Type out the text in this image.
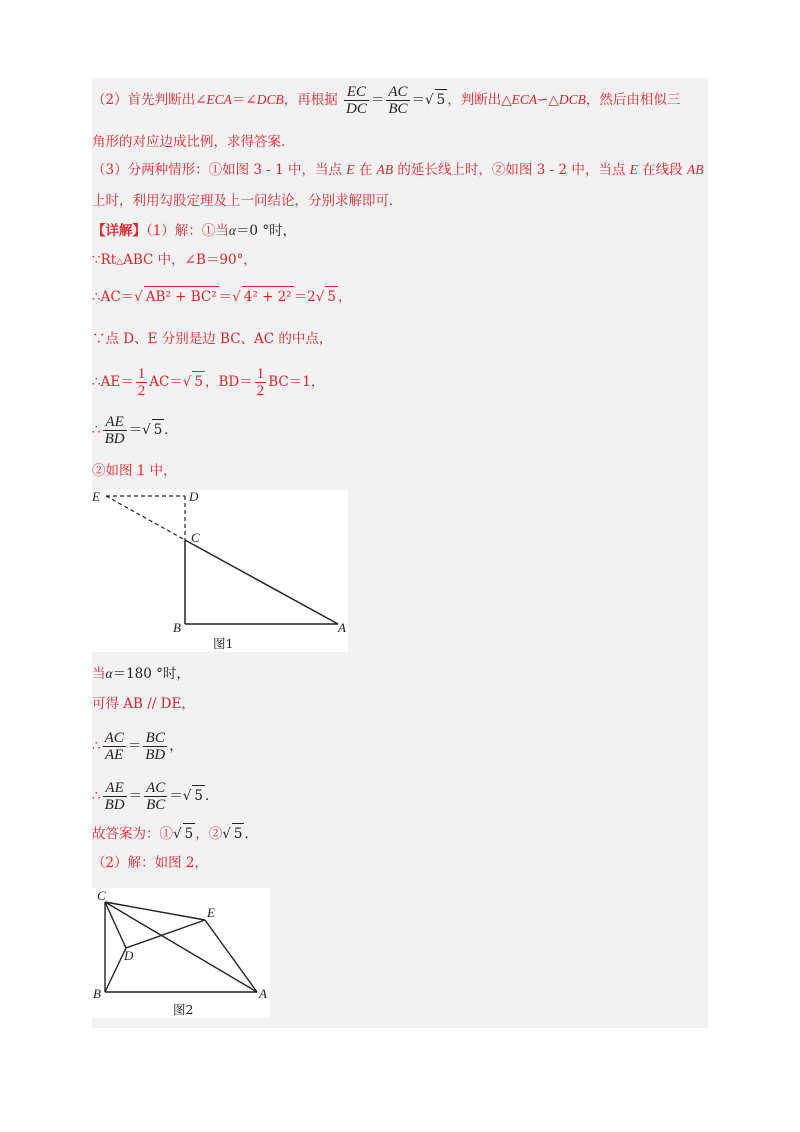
（2）首先判断出∠ECA＝∠DCB，再根据 $\frac{EC}{DC} = \frac{AC}{BC}$ ＝√ 5 ，判断出△ECA∽△DCB，然后由相似三
角形的对应边成比例，求得答案．
（3）分两种情形：①如图 3 - 1 中，当点 E 在 AB 的延长线上时，②如图 3 - 2 中，当点 E 在线段 AB
上时，利用勾股定理及上一问结论，分别求解即可．
【详解】（1）解：①当α＝0 °时，
∵Rt△ABC 中，∠B＝90°，
∴AC＝√ AB² + BC² ＝√ 4² + 2² ＝2√ 5 ，
∵点 D、E 分别是边 BC、AC 的中点，
∴AE＝ $\frac{1}{2} AC=√$ 5 ，$BD= \frac{1}{2} BC=1$，
∴ $\frac{AE}{BD}$ ＝√ 5 ．
②如图 1 中，
E	D
C
B	A
图1
当α＝180 °时，
可得 AB // DE，
∴ $\frac{AC}{AE} = \frac{BC}{BD}$ ，
∴ $\frac{AE}{BD} = \frac{AC}{BC}$ ＝√ 5 ．
故答案为：①√ 5 ，②√ 5 ．
（2）解：如图 2，
C
E
D
B	A
图2
